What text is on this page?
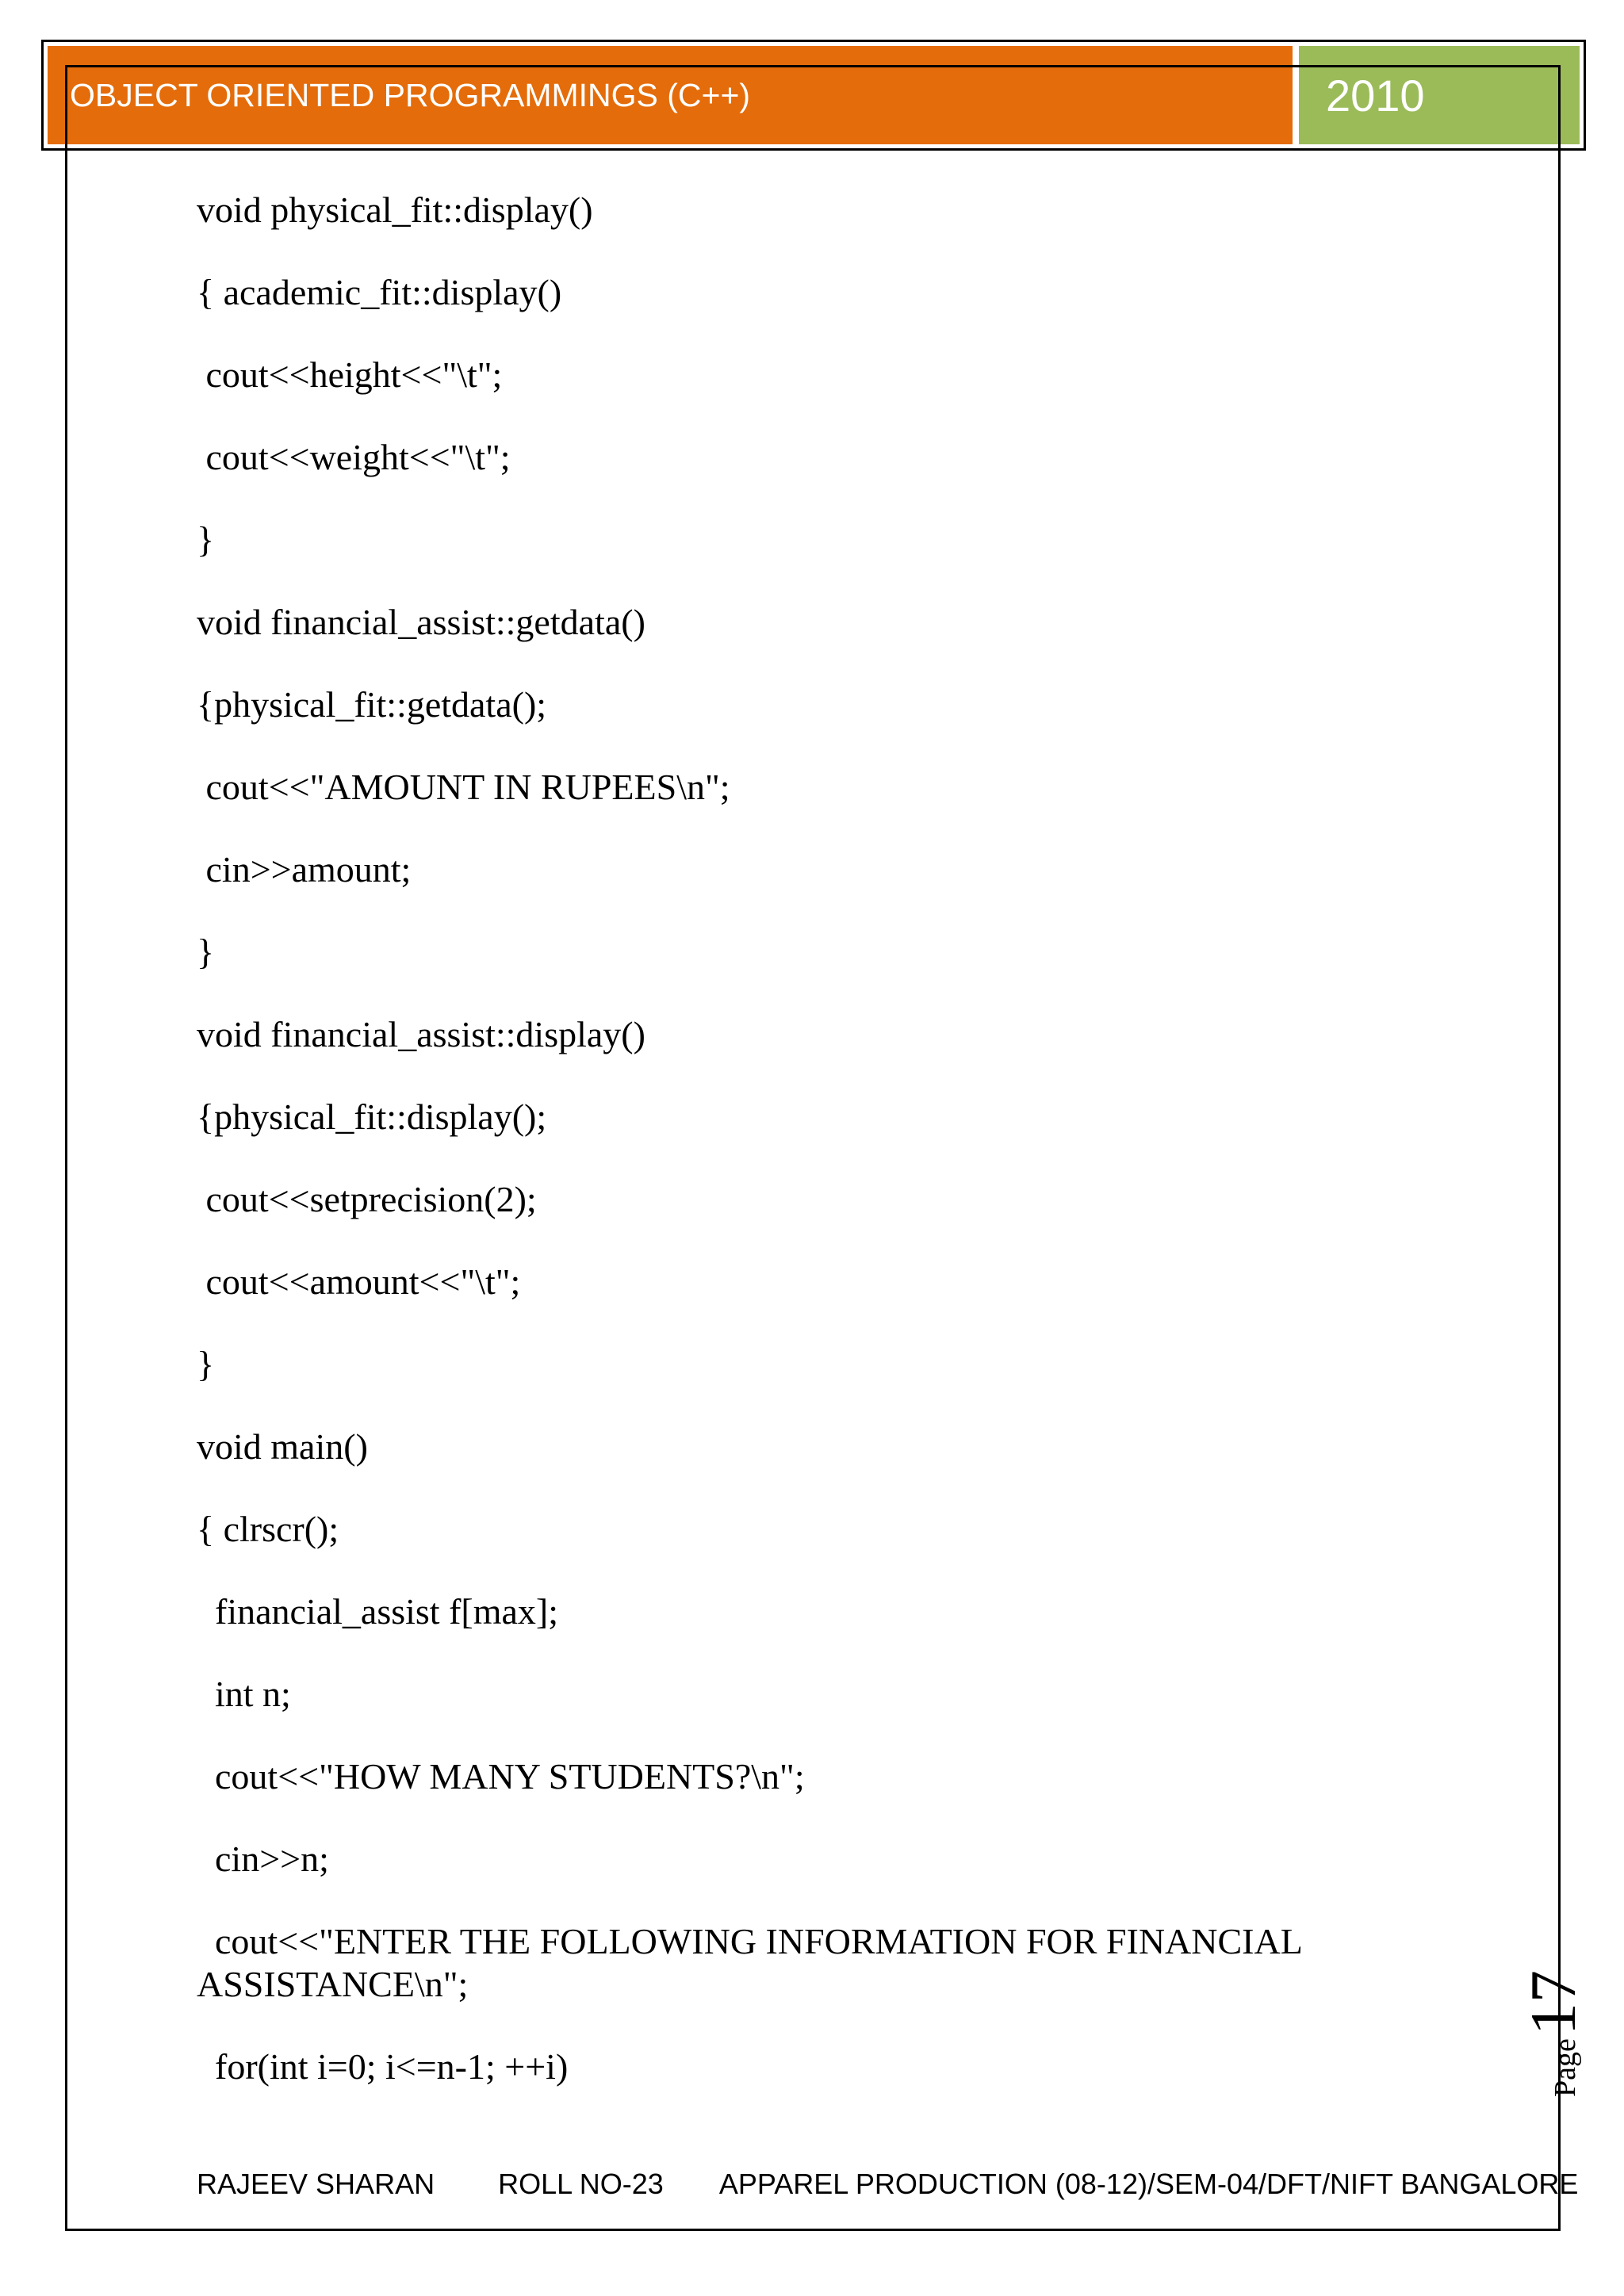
OBJECT ORIENTED PROGRAMMINGS (C++)	2010
void physical_fit::display()
{ academic_fit::display()
cout<<height<<"\t";
cout<<weight<<"\t";
}
void financial_assist::getdata()
{physical_fit::getdata();
cout<<"AMOUNT IN RUPEES\n";
cin>>amount;
}
void financial_assist::display()
{physical_fit::display();
cout<<setprecision(2);
cout<<amount<<"\t";
}
void main()
{ clrscr();
financial_assist f[max];
int n;
cout<<"HOW MANY STUDENTS?\n";
cin>>n;
cout<<"ENTER THE FOLLOWING INFORMATION FOR FINANCIAL ASSISTANCE\n";
for(int i=0; i<=n-1; ++i)	Page
17
RAJEEV SHARAN ROLL NO-23 APPAREL PRODUCTION (08-12)/SEM-04/DFT/NIFT BANGALORE
